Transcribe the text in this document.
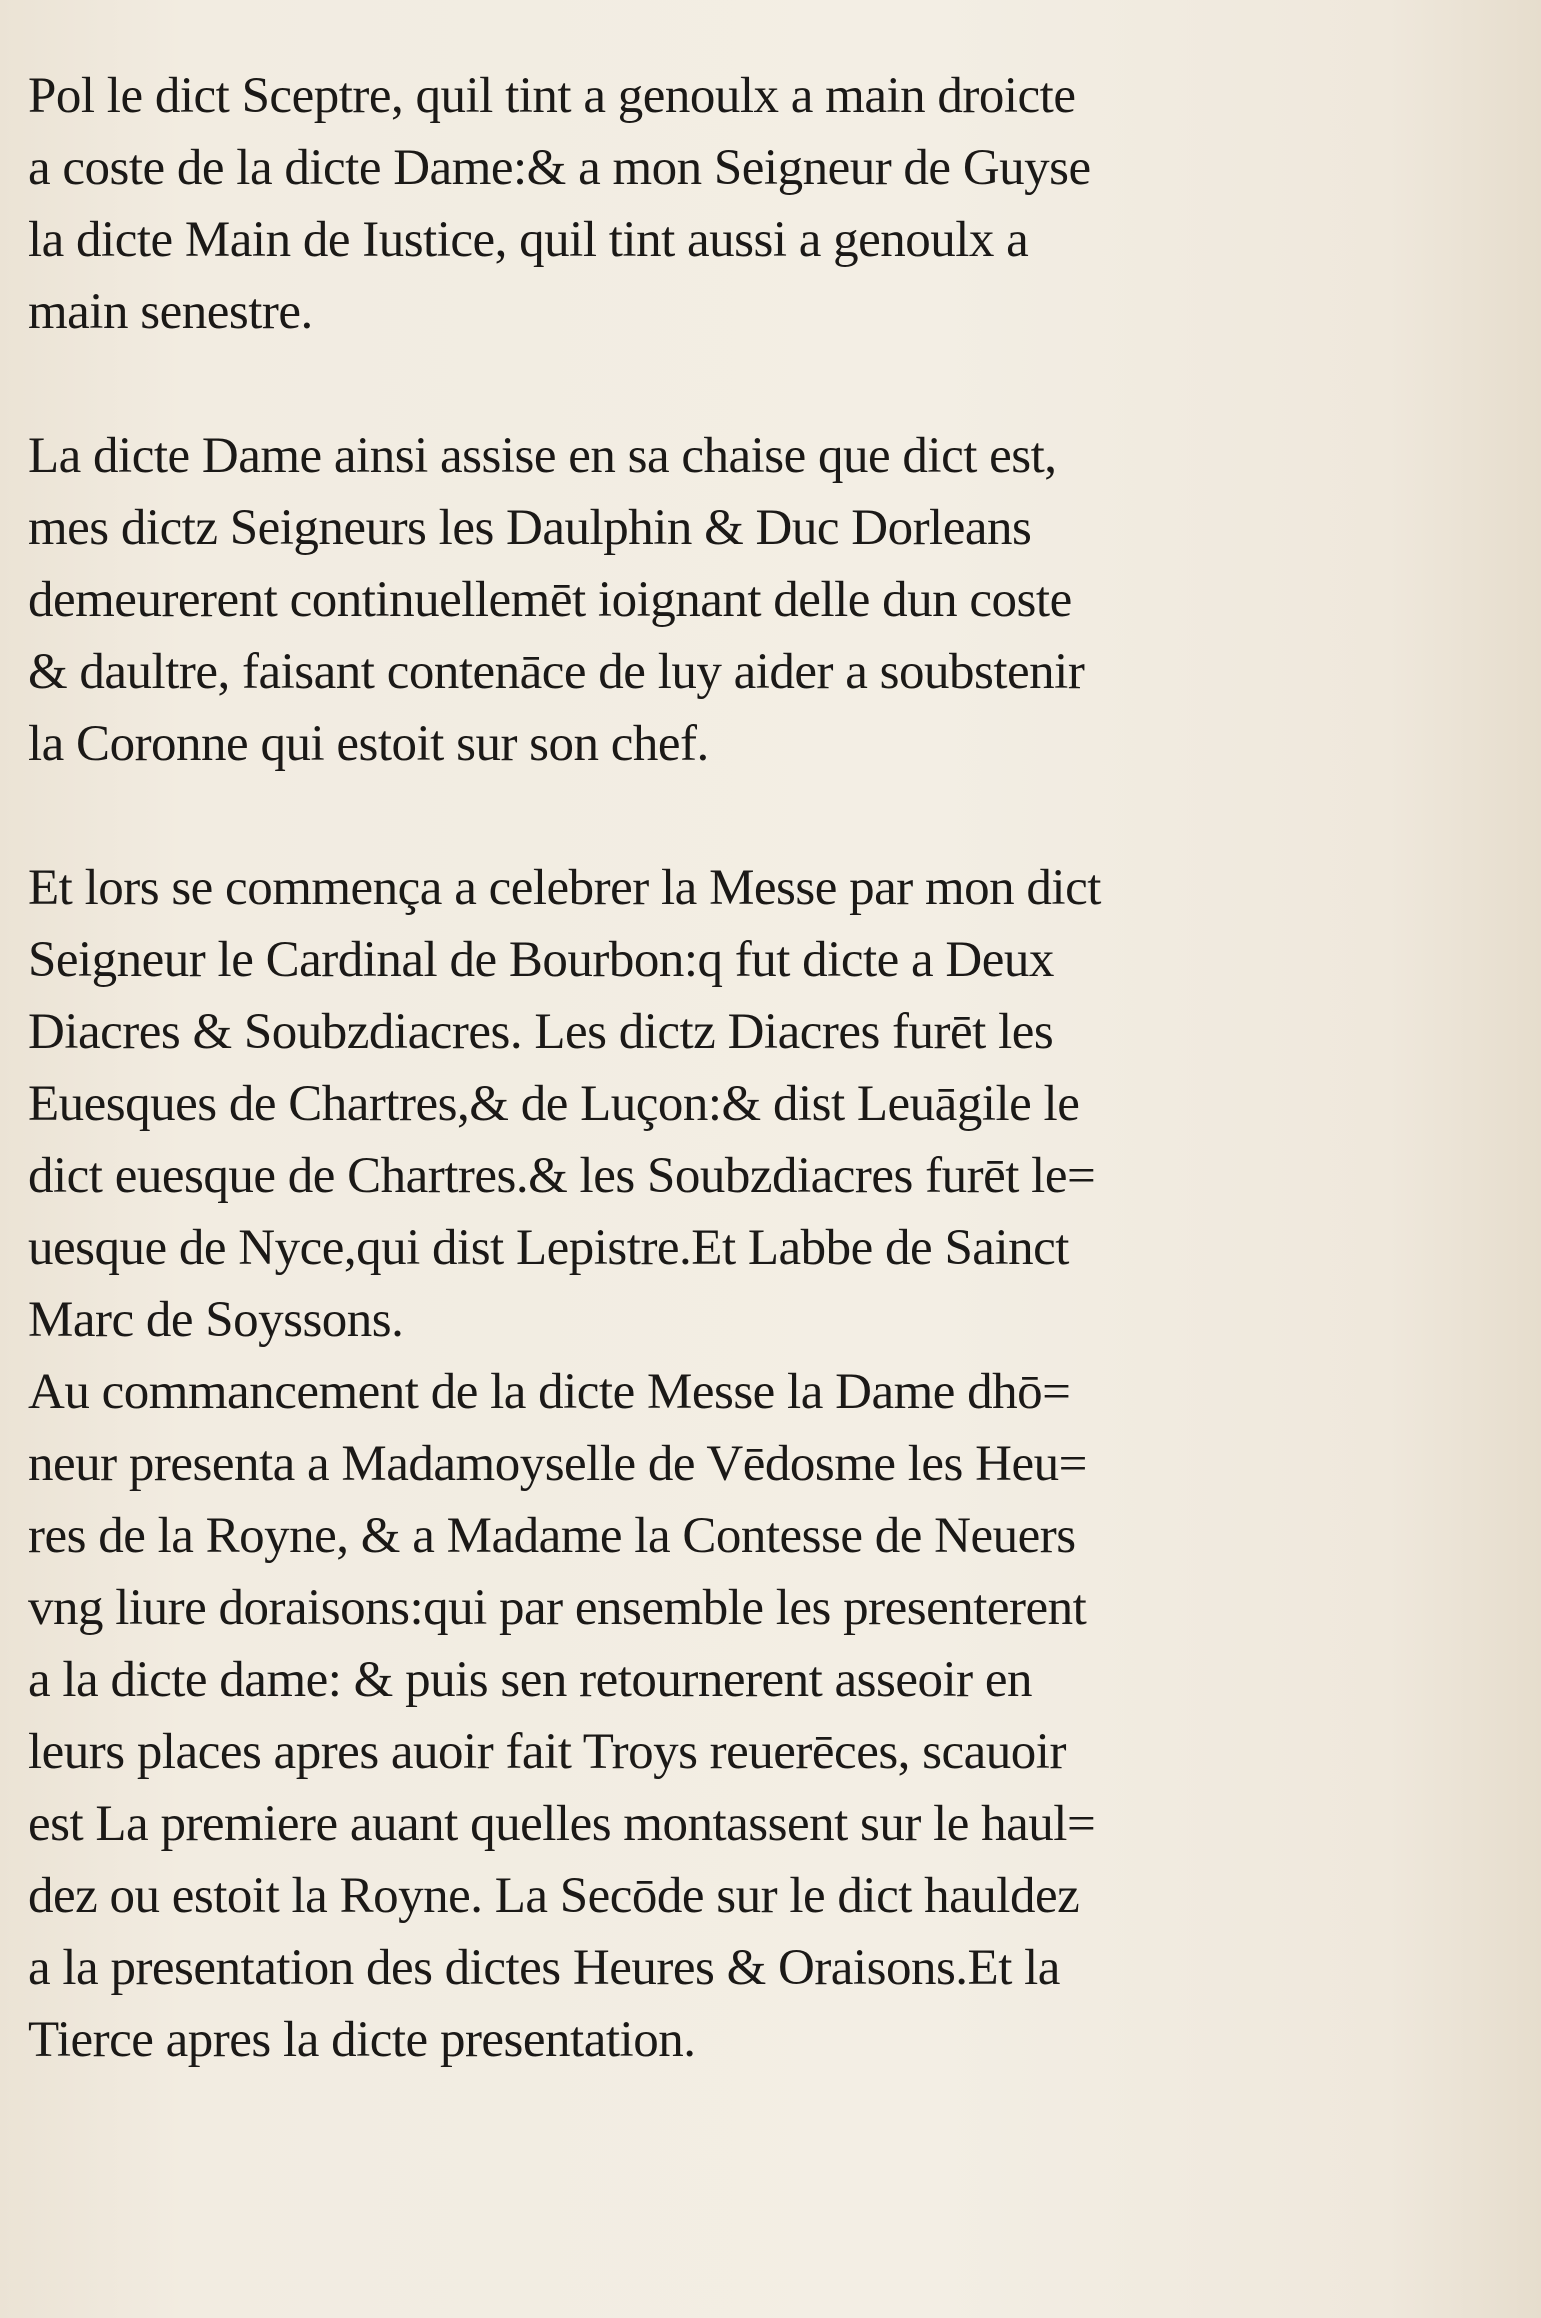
Pol le dict Sceptre, quil tint a genoulx a main droicte
a coste de la dicte Dame:& a mon Seigneur de Guyse
la dicte Main de Iustice, quil tint aussi a genoulx a
main senestre.
La dicte Dame ainsi assise en sa chaise que dict est,
mes dictz Seigneurs les Daulphin & Duc Dorleans
demeurerent continuellemēt ioignant delle dun coste
& daultre, faisant contenāce de luy aider a soubstenir
la Coronne qui estoit sur son chef.
Et lors se commença a celebrer la Messe par mon dict
Seigneur le Cardinal de Bourbon:q fut dicte a Deux
Diacres & Soubzdiacres. Les dictz Diacres furēt les
Euesques de Chartres,& de Luçon:& dist Leuāgile le
dict euesque de Chartres.& les Soubzdiacres furēt le=
uesque de Nyce,qui dist Lepistre.Et Labbe de Sainct
Marc de Soyssons.
Au commancement de la dicte Messe la Dame dhō=
neur presenta a Madamoyselle de Vēdosme les Heu=
res de la Royne, & a Madame la Contesse de Neuers
vng liure doraisons:qui par ensemble les presenterent
a la dicte dame: & puis sen retournerent asseoir en
leurs places apres auoir fait Troys reuerēces, scauoir
est La premiere auant quelles montassent sur le haul=
dez ou estoit la Royne. La Secōde sur le dict hauldez
a la presentation des dictes Heures & Oraisons.Et la
Tierce apres la dicte presentation.
